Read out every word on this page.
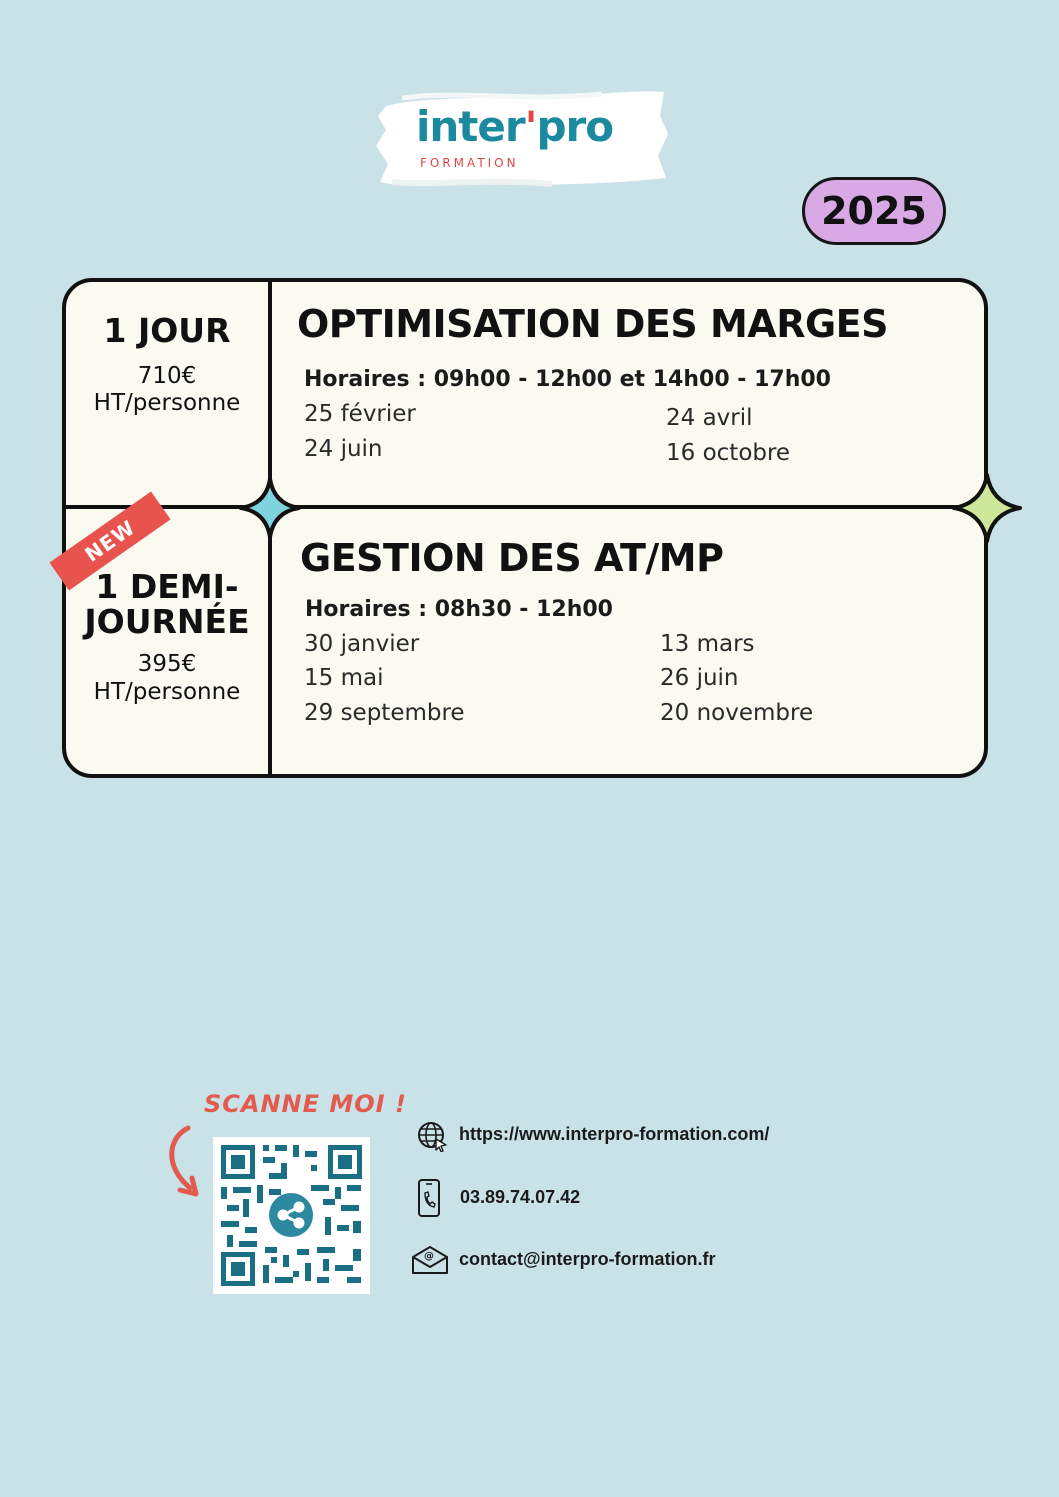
inter'pro
FORMATION
2025
1 JOUR
710€
HT/personne
OPTIMISATION DES MARGES
Horaires : 09h00 - 12h00 et 14h00 - 17h00
25 février	24 avril
24 juin	16 octobre
NEW
1 DEMI-
JOURNÉE
395€
HT/personne
GESTION DES AT/MP
Horaires : 08h30 - 12h00
30 janvier	13 mars
15 mai	26 juin
29 septembre	20 novembre
SCANNE MOI !
https://www.interpro-formation.com/
03.89.74.07.42
@ contact@interpro-formation.fr
